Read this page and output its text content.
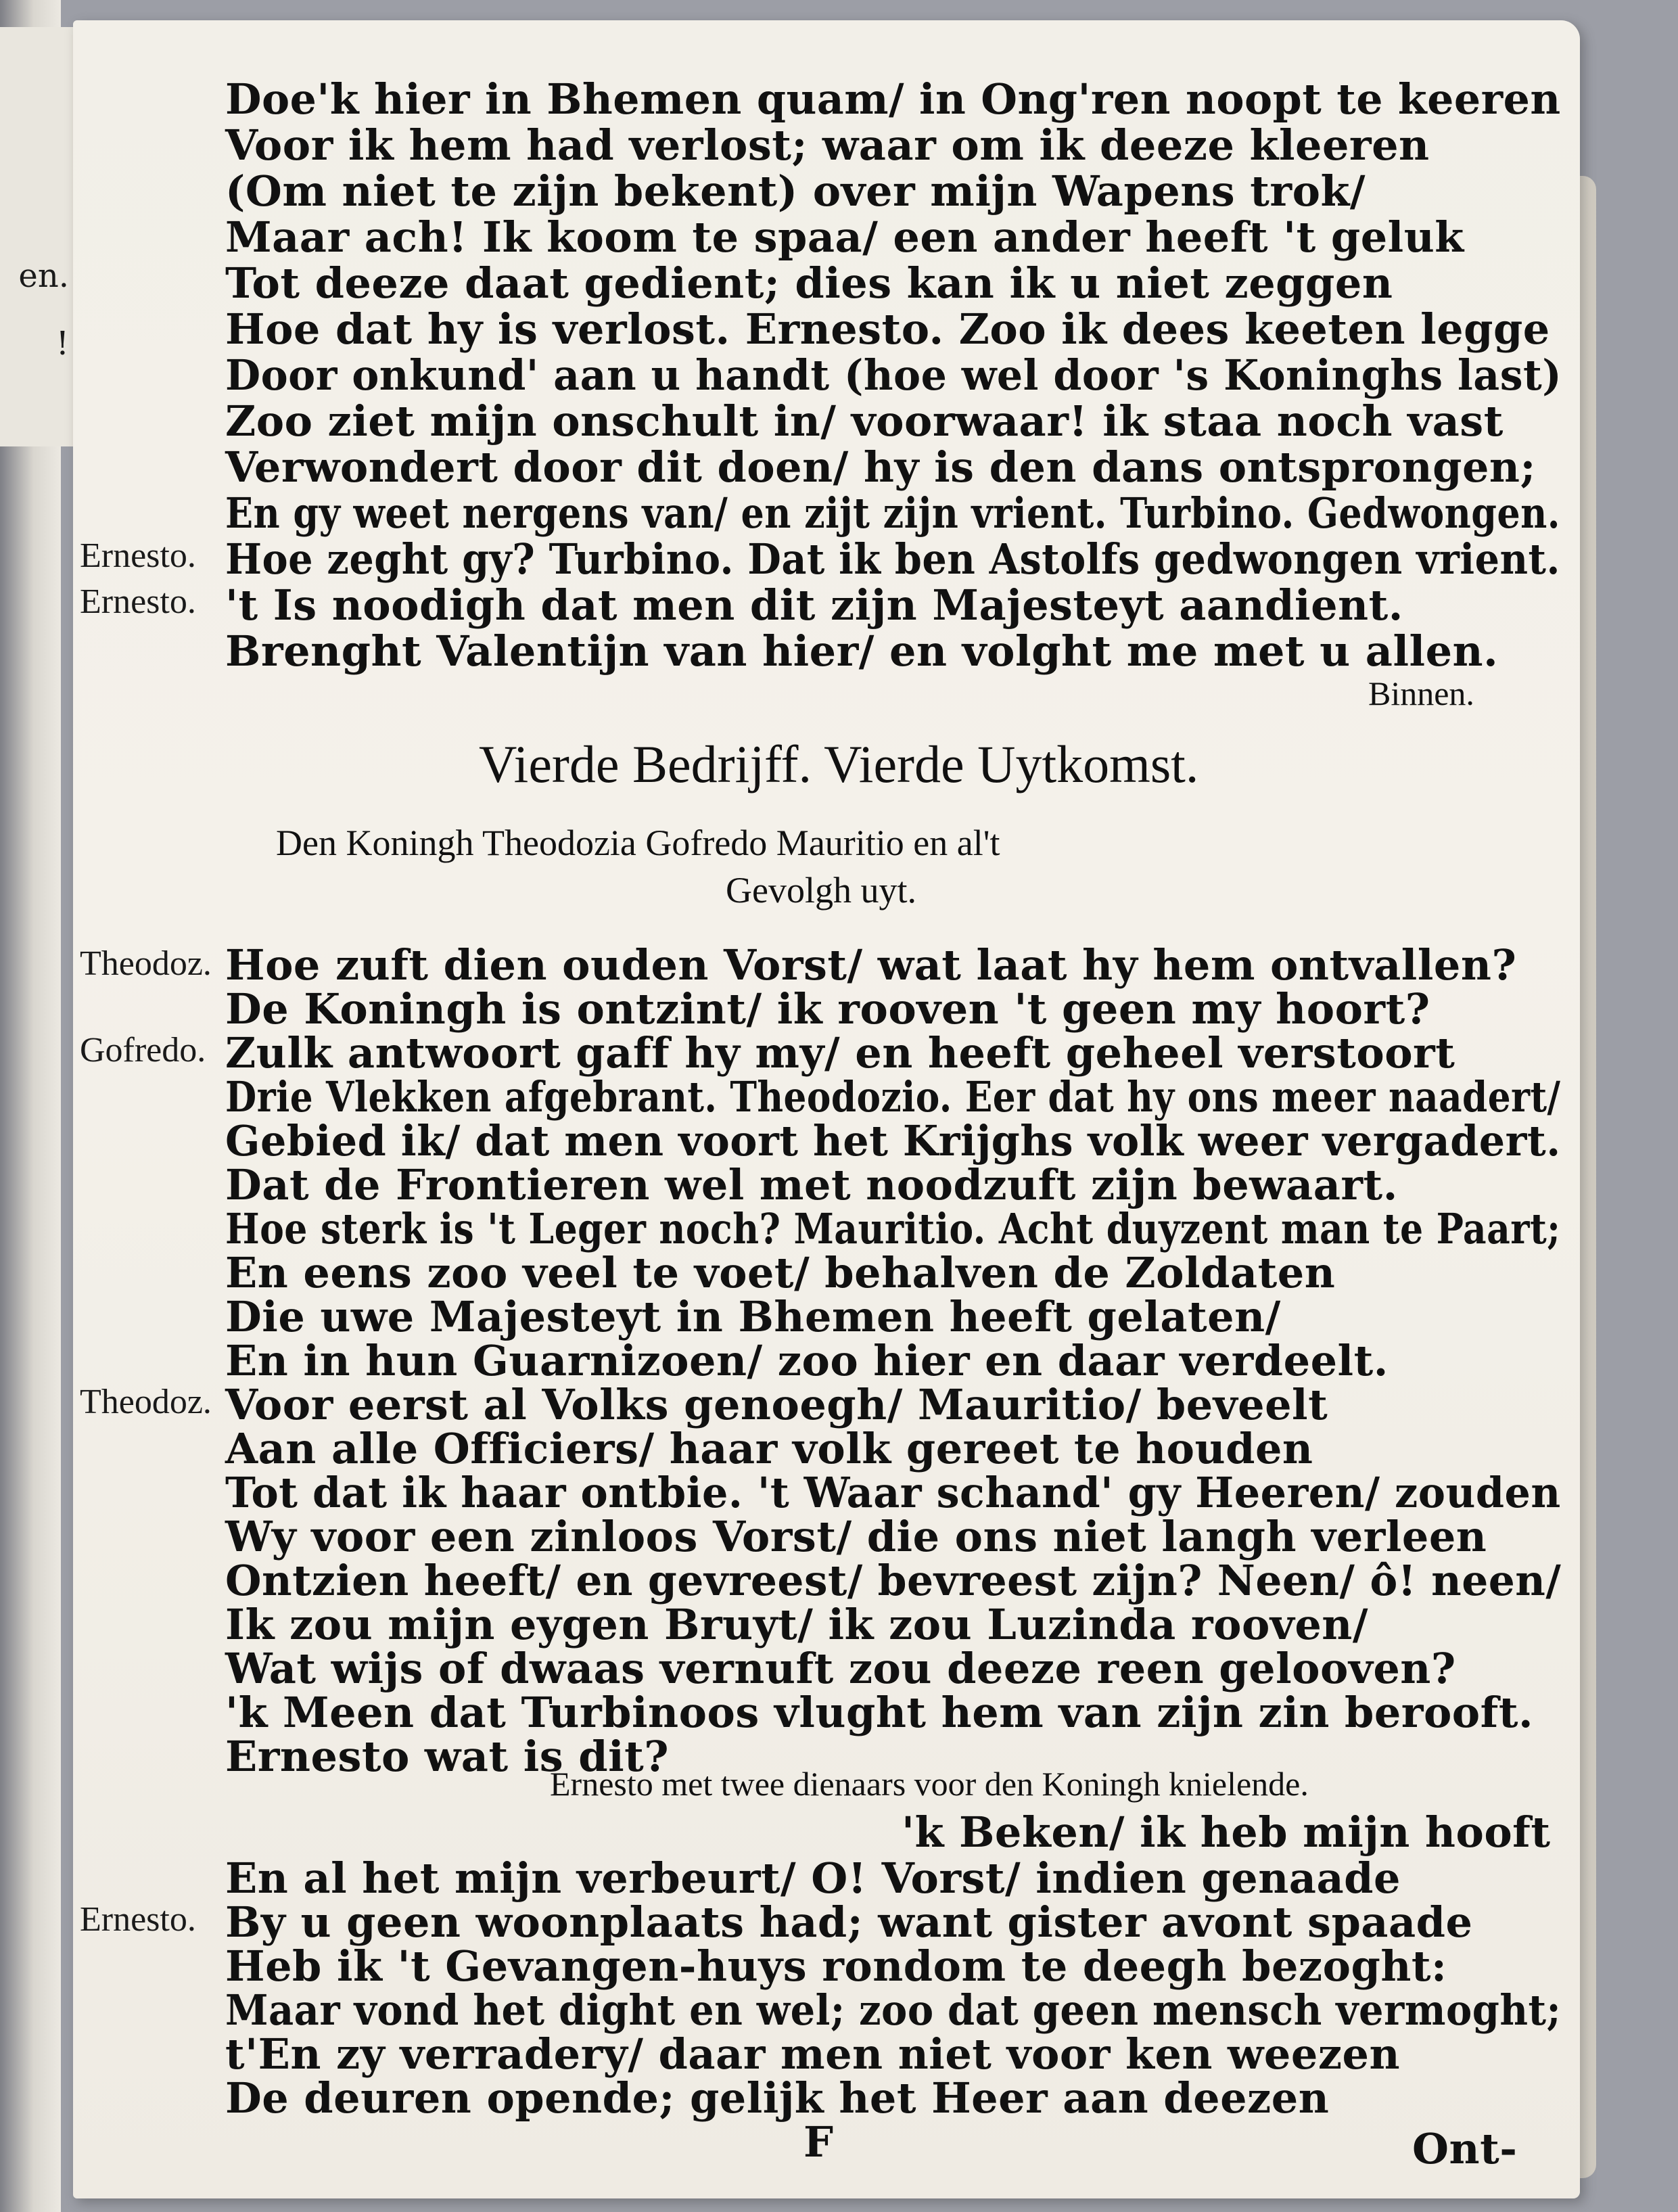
en.
!
Doe'k hier in Bhemen quam/ in Ong'ren noopt te keeren
Voor ik hem had verlost; waar om ik deeze kleeren
(Om niet te zijn bekent) over mijn Wapens trok/
Maar ach! Ik koom te spaa/ een ander heeft 't geluk
Tot deeze daat gedient; dies kan ik u niet zeggen
Hoe dat hy is verlost. Ernesto. Zoo ik dees keeten legge
Door onkund' aan u handt (hoe wel door 's Koninghs last)
Zoo ziet mijn onschult in/ voorwaar! ik staa noch vast
Verwondert door dit doen/ hy is den dans ontsprongen;
En gy weet nergens van/ en zijt zijn vrient. Turbino. Gedwongen.
Ernesto. Hoe zeght gy? Turbino. Dat ik ben Astolfs gedwongen vrient.
Ernesto. 't Is noodigh dat men dit zijn Majesteyt aandient.
Brenght Valentijn van hier/ en volght me met u allen.
Binnen.
Vierde Bedrijff. Vierde Uytkomst.
Den Koningh Theodozia Gofredo Mauritio en al't
Gevolgh uyt.
Theodoz. Hoe zuft dien ouden Vorst/ wat laat hy hem ontvallen?
De Koningh is ontzint/ ik rooven 't geen my hoort?
Gofredo. Zulk antwoort gaff hy my/ en heeft geheel verstoort
Drie Vlekken afgebrant. Theodozio. Eer dat hy ons meer naadert/
Gebied ik/ dat men voort het Krijghs volk weer vergadert.
Dat de Frontieren wel met noodzuft zijn bewaart.
Hoe sterk is 't Leger noch? Mauritio. Acht duyzent man te Paart;
En eens zoo veel te voet/ behalven de Zoldaten
Die uwe Majesteyt in Bhemen heeft gelaten/
En in hun Guarnizoen/ zoo hier en daar verdeelt.
Theodoz. Voor eerst al Volks genoegh/ Mauritio/ beveelt
Aan alle Officiers/ haar volk gereet te houden
Tot dat ik haar ontbie. 't Waar schand' gy Heeren/ zouden
Wy voor een zinloos Vorst/ die ons niet langh verleen
Ontzien heeft/ en gevreest/ bevreest zijn? Neen/ ô! neen/
Ik zou mijn eygen Bruyt/ ik zou Luzinda rooven/
Wat wijs of dwaas vernuft zou deeze reen gelooven?
'k Meen dat Turbinoos vlught hem van zijn zin berooft.
Ernesto wat is dit?
Ernesto met twee dienaars voor den Koningh knielende.
'k Beken/ ik heb mijn hooft
En al het mijn verbeurt/ O! Vorst/ indien genaade
Ernesto. By u geen woonplaats had; want gister avont spaade
Heb ik 't Gevangen-huys rondom te deegh bezoght:
Maar vond het dight en wel; zoo dat geen mensch vermoght;
t'En zy verradery/ daar men niet voor ken weezen
De deuren opende; gelijk het Heer aan deezen
F	Ont-
